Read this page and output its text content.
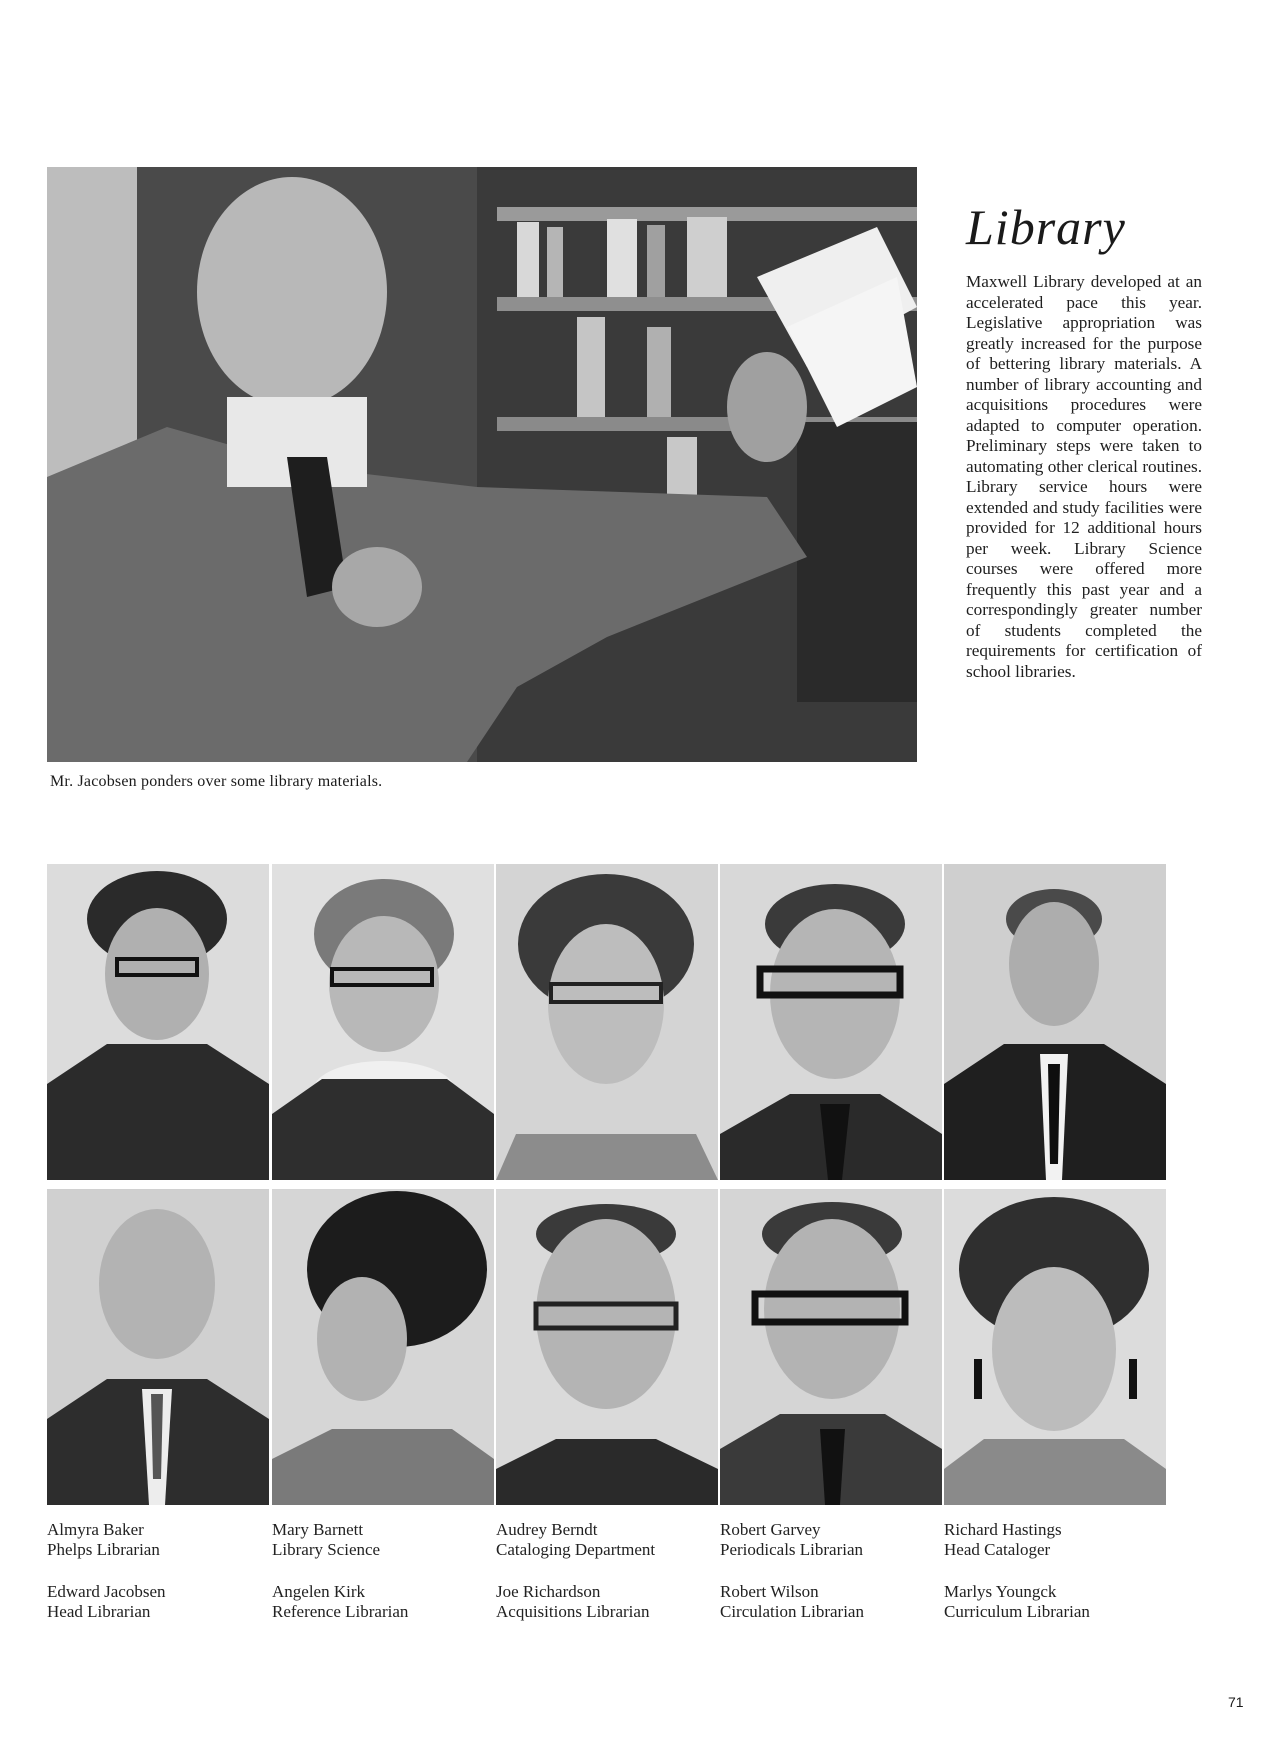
Mr. Jacobsen ponders over some library materials.
Library

Maxwell Library developed at an accelerated pace this year. Legislative appropriation was greatly increased for the purpose of bettering library materials. A number of library accounting and acquisitions procedures were adapted to computer operation. Preliminary steps were taken to automating other clerical routines. Library service hours were extended and study facilities were provided for 12 additional hours per week. Library Science courses were offered more frequently this past year and a correspondingly greater number of students completed the requirements for certification of school libraries.

Almyra Baker
Phelps Librarian
Mary Barnett
Library Science
Audrey Berndt
Cataloging Department
Robert Garvey
Periodicals Librarian
Richard Hastings
Head Cataloger
Edward Jacobsen
Head Librarian
Angelen Kirk
Reference Librarian
Joe Richardson
Acquisitions Librarian
Robert Wilson
Circulation Librarian
Marlys Youngck
Curriculum Librarian
71
